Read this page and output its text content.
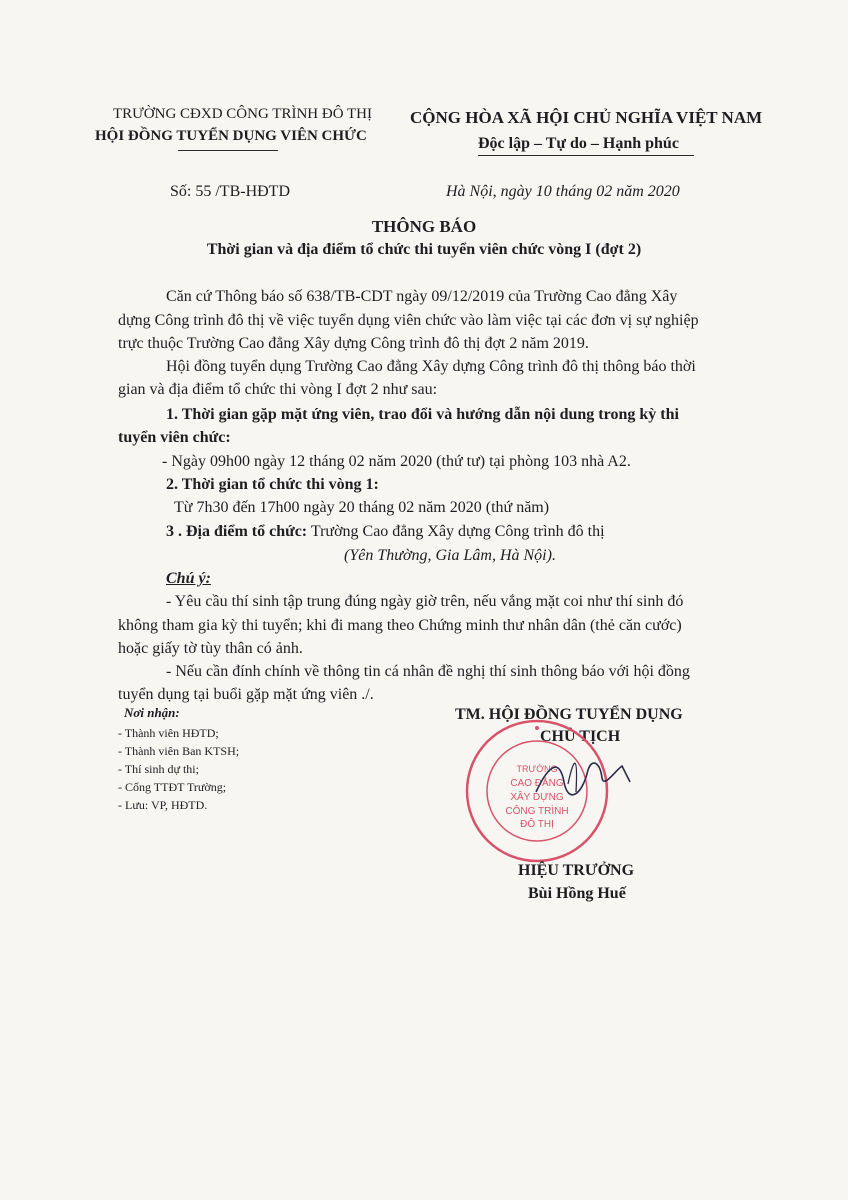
TRƯỜNG CĐXD CÔNG TRÌNH ĐÔ THỊ
HỘI ĐỒNG TUYỂN DỤNG VIÊN CHỨC
CỘNG HÒA XÃ HỘI CHỦ NGHĨA VIỆT NAM
Độc lập – Tự do – Hạnh phúc
Số: 55 /TB-HĐTD	Hà Nội, ngày 10 tháng 02 năm 2020
THÔNG BÁO
Thời gian và địa điểm tổ chức thi tuyển viên chức vòng I (đợt 2)
Căn cứ Thông báo số 638/TB-CDT ngày 09/12/2019 của Trường Cao đẳng Xây
dựng Công trình đô thị về việc tuyển dụng viên chức vào làm việc tại các đơn vị sự nghiệp
trực thuộc Trường Cao đẳng Xây dựng Công trình đô thị đợt 2 năm 2019.
Hội đồng tuyển dụng Trường Cao đẳng Xây dựng Công trình đô thị thông báo thời
gian và địa điểm tổ chức thi vòng I đợt 2 như sau:
1. Thời gian gặp mặt ứng viên, trao đổi và hướng dẫn nội dung trong kỳ thi
tuyển viên chức:
- Ngày 09h00 ngày 12 tháng 02 năm 2020 (thứ tư) tại phòng 103 nhà A2.
2. Thời gian tổ chức thi vòng 1:
Từ 7h30 đến 17h00 ngày 20 tháng 02 năm 2020 (thứ năm)
3 . Địa điểm tổ chức: Trường Cao đẳng Xây dựng Công trình đô thị
(Yên Thường, Gia Lâm, Hà Nội).
Chú ý:
- Yêu cầu thí sinh tập trung đúng ngày giờ trên, nếu vắng mặt coi như thí sinh đó
không tham gia kỳ thi tuyển; khi đi mang theo Chứng minh thư nhân dân (thẻ căn cước)
hoặc giấy tờ tùy thân có ảnh.
- Nếu cần đính chính về thông tin cá nhân đề nghị thí sinh thông báo với hội đồng
tuyển dụng tại buổi gặp mặt ứng viên ./.
Nơi nhận:
- Thành viên HĐTD;
- Thành viên Ban KTSH;
- Thí sinh dự thi;
- Cổng TTĐT Trường;
- Lưu: VP, HĐTD.
TM. HỘI ĐỒNG TUYỂN DỤNG
CHỦ TỊCH
TRƯỜNG
CAO ĐẲNG
XÂY DỰNG
CÔNG TRÌNH
ĐÔ THỊ
HIỆU TRƯỞNG
Bùi Hồng Huế
